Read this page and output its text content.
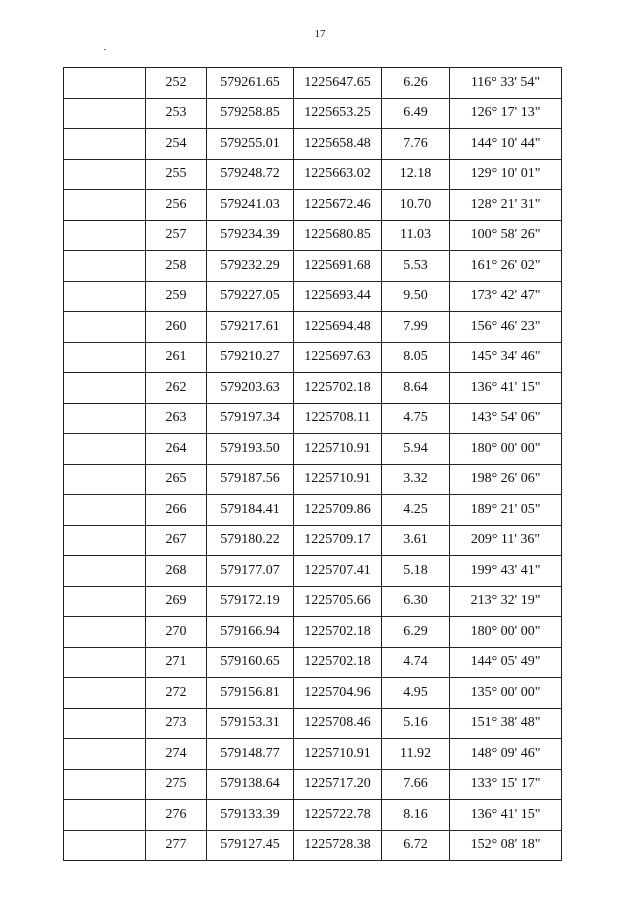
17
	252	579261.65	1225647.65	6.26	116° 33' 54"
	253	579258.85	1225653.25	6.49	126° 17' 13"
	254	579255.01	1225658.48	7.76	144° 10' 44"
	255	579248.72	1225663.02	12.18	129° 10' 01"
	256	579241.03	1225672.46	10.70	128° 21' 31"
	257	579234.39	1225680.85	11.03	100° 58' 26"
	258	579232.29	1225691.68	5.53	161° 26' 02"
	259	579227.05	1225693.44	9.50	173° 42' 47"
	260	579217.61	1225694.48	7.99	156° 46' 23"
	261	579210.27	1225697.63	8.05	145° 34' 46"
	262	579203.63	1225702.18	8.64	136° 41' 15"
	263	579197.34	1225708.11	4.75	143° 54' 06"
	264	579193.50	1225710.91	5.94	180° 00' 00"
	265	579187.56	1225710.91	3.32	198° 26' 06"
	266	579184.41	1225709.86	4.25	189° 21' 05"
	267	579180.22	1225709.17	3.61	209° 11' 36"
	268	579177.07	1225707.41	5.18	199° 43' 41"
	269	579172.19	1225705.66	6.30	213° 32' 19"
	270	579166.94	1225702.18	6.29	180° 00' 00"
	271	579160.65	1225702.18	4.74	144° 05' 49"
	272	579156.81	1225704.96	4.95	135° 00' 00"
	273	579153.31	1225708.46	5.16	151° 38' 48"
	274	579148.77	1225710.91	11.92	148° 09' 46"
	275	579138.64	1225717.20	7.66	133° 15' 17"
	276	579133.39	1225722.78	8.16	136° 41' 15"
	277	579127.45	1225728.38	6.72	152° 08' 18"
